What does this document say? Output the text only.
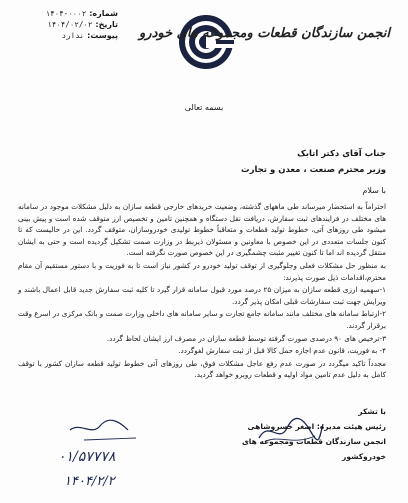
شماره:
۱۴۰۴-۰۰۰۲
تاریخ:
۱۴۰۴/۰۲/۰۲
پیوست:
ندارد	انجمن سازندگان قطعات ومجموعه های خودرو
بسمه تعالی
جناب آقای دکتر اتابک
وزیر محترم صنعت ، معدن و تجارت
با سلام

احتراماً به استحضار میرساند طی ماههای گذشته، وضعیت خریدهای خارجی قطعه سازان به دلیل مشکلات موجود در سامانه های مختلف در فرایندهای ثبت سفارش، دریافت نقل دستگاه و همچنین تامین و تخصیص ارز متوقف شده است و پیش بینی میشود طی روزهای آتی، خطوط تولید قطعات و متعاقباً خطوط تولیدی خودروسازان، متوقف گردد. این در حالیست که تا کنون جلسات متعددی در این خصوص با معاونین و مسئولان ذیربط در وزارت صمت تشکیل گردیده است و حتی به ایشان منتقل گردیده اند اما تا کنون تغییر مثبت چشمگیری در این خصوص صورت نگرفته است.

به منظور حل مشکلات فعلی وجلوگیری از توقف تولید خودرو در کشور نیاز است تا به فوریت و با دستور مستقیم آن مقام محترم،اقدامات ذیل صورت پذیرند:

۱-سهمیه ارزی قطعه سازان به میزان ۲۵ درصد مورد قبول سامانه قرار گیرد تا کلیه ثبت سفارش جدید قابل اعمال باشند و ویرایش جهت ثبت سفارشات قبلی امکان پذیر گردد.

۲-ارتباط سامانه های مختلف مانند سامانه جامع تجارت و سایر سامانه های داخلی وزارت صمت و بانک مرکزی در اسرع وقت برقرار گردند.

۳-ترخیص های ۹۰ درصدی صورت گرفته توسط قطعه سازان در مصرف ارز ایشان لحاظ گردد.

۴- به فوریت، قانون عدم اجازه حمل کالا قبل از ثبت سفارش لغوگردد.

مجدداً تاکید میگردد در صورت عدم رفع عاجل مشکلات فوق، طی روزهای آتی خطوط تولید قطعه سازان کشور با توقف کامل به دلیل عدم تامین مواد اولیه و قطعات روبرو خواهد گردید.

با تشکر
رئیس هیئت مدیره: اصغر خسروشاهی
انجمن سازندگان قطعات ومجموعه های خودروکشور
۰۱/۵۷۷۷۸
۱۴۰۴/۲/۲
